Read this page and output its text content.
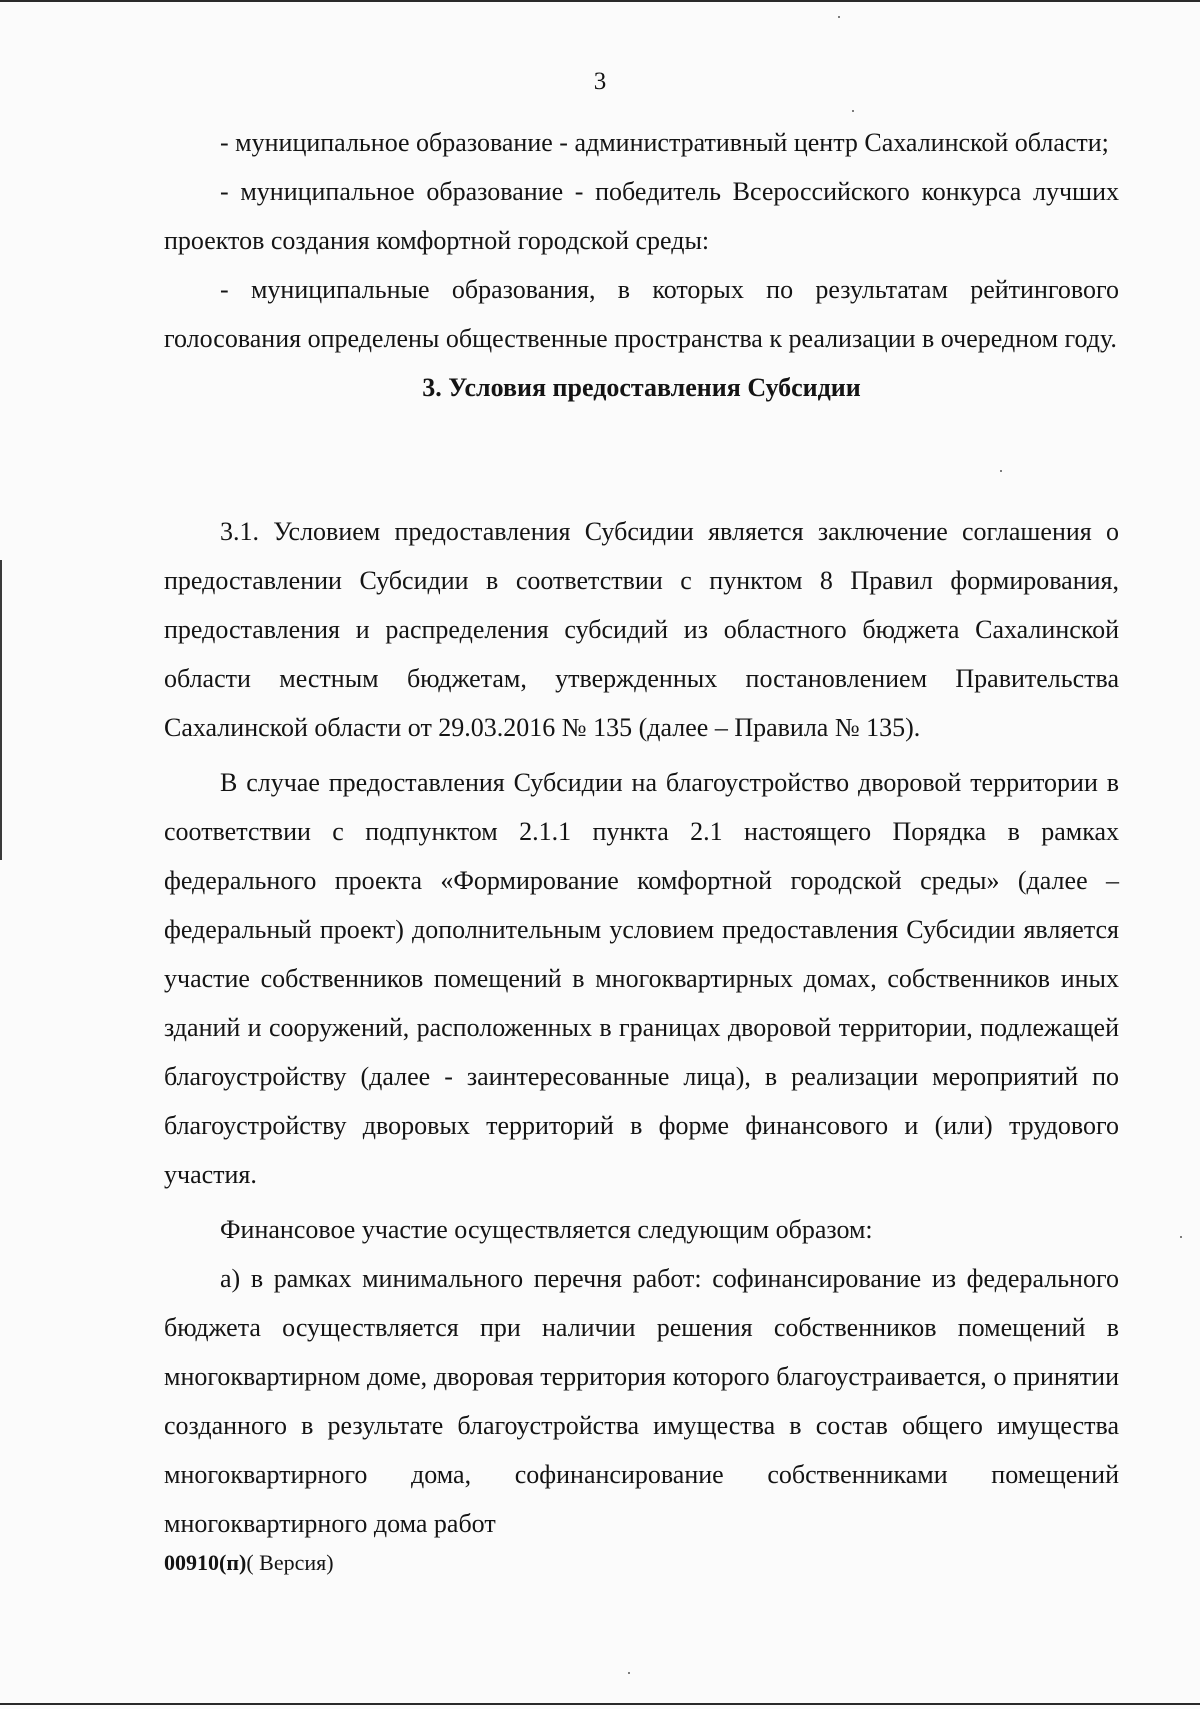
3

- муниципальное образование - административный центр Сахалинской области;

- муниципальное образование - победитель Всероссийского конкурса лучших проектов создания комфортной городской среды:

- муниципальные образования, в которых по результатам рейтингового голосования определены общественные пространства к реализации в очередном году.

3. Условия предоставления Субсидии

3.1. Условием предоставления Субсидии является заключение соглашения о предоставлении Субсидии в соответствии с пунктом 8 Правил формирования, предоставления и распределения субсидий из областного бюджета Сахалинской области местным бюджетам, утвержденных постановлением Правительства Сахалинской области от 29.03.2016 № 135 (далее – Правила № 135).

В случае предоставления Субсидии на благоустройство дворовой территории в соответствии с подпунктом 2.1.1 пункта 2.1 настоящего Порядка в рамках федерального проекта «Формирование комфортной городской среды» (далее – федеральный проект) дополнительным условием предоставления Субсидии является участие собственников помещений в многоквартирных домах, собственников иных зданий и сооружений, расположенных в границах дворовой территории, подлежащей благоустройству (далее - заинтересованные лица), в реализации мероприятий по благоустройству дворовых территорий в форме финансового и (или) трудового участия.

Финансовое участие осуществляется следующим образом:

а) в рамках минимального перечня работ: софинансирование из федерального бюджета осуществляется при наличии решения собственников помещений в многоквартирном доме, дворовая территория которого благоустраивается, о принятии созданного в результате благоустройства имущества в состав общего имущества многоквартирного дома, софинансирование собственниками помещений многоквартирного дома работ

00910(п)( Версия)
